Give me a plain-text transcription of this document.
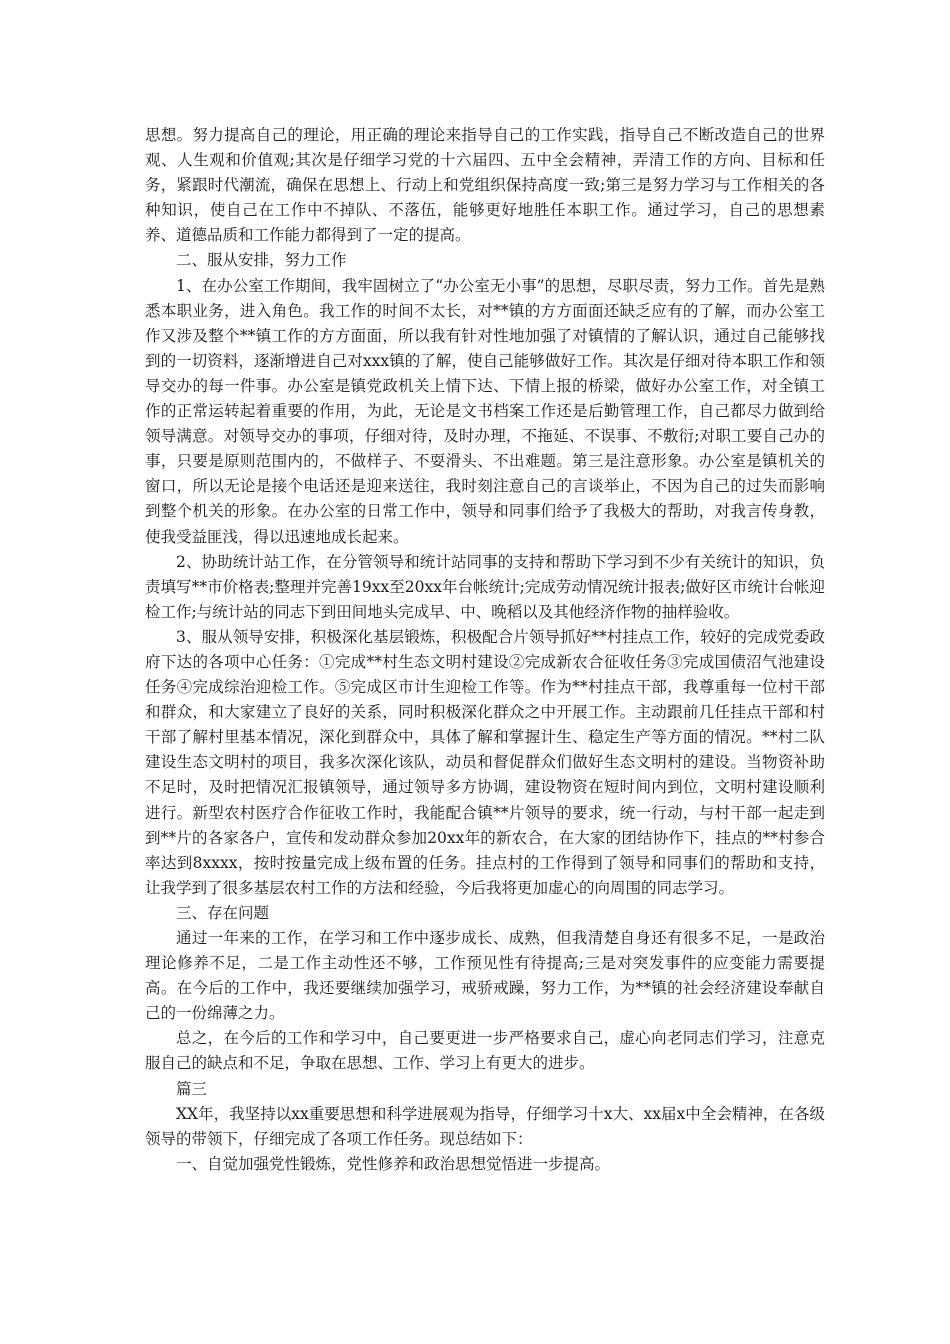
思想。努力提高自己的理论，用正确的理论来指导自己的工作实践，指导自己不断改造自己的世界观、人生观和价值观;其次是仔细学习党的十六届四、五中全会精神，弄清工作的方向、目标和任务，紧跟时代潮流，确保在思想上、行动上和党组织保持高度一致;第三是努力学习与工作相关的各种知识，使自己在工作中不掉队、不落伍，能够更好地胜任本职工作。通过学习，自己的思想素养、道德品质和工作能力都得到了一定的提高。

二、服从安排，努力工作

1、在办公室工作期间，我牢固树立了“办公室无小事”的思想，尽职尽责，努力工作。首先是熟悉本职业务，进入角色。我工作的时间不太长，对**镇的方方面面还缺乏应有的了解，而办公室工作又涉及整个**镇工作的方方面面，所以我有针对性地加强了对镇情的了解认识，通过自己能够找到的一切资料，逐渐增进自己对xxx镇的了解，使自己能够做好工作。其次是仔细对待本职工作和领导交办的每一件事。办公室是镇党政机关上情下达、下情上报的桥梁，做好办公室工作，对全镇工作的正常运转起着重要的作用，为此，无论是文书档案工作还是后勤管理工作，自己都尽力做到给领导满意。对领导交办的事项，仔细对待，及时办理，不拖延、不误事、不敷衍;对职工要自己办的事，只要是原则范围内的，不做样子、不耍滑头、不出难题。第三是注意形象。办公室是镇机关的窗口，所以无论是接个电话还是迎来送往，我时刻注意自己的言谈举止，不因为自己的过失而影响到整个机关的形象。在办公室的日常工作中，领导和同事们给予了我极大的帮助，对我言传身教，使我受益匪浅，得以迅速地成长起来。

2、协助统计站工作，在分管领导和统计站同事的支持和帮助下学习到不少有关统计的知识，负责填写**市价格表;整理并完善19xx至20xx年台帐统计;完成劳动情况统计报表;做好区市统计台帐迎检工作;与统计站的同志下到田间地头完成早、中、晚稻以及其他经济作物的抽样验收。

3、服从领导安排，积极深化基层锻炼，积极配合片领导抓好**村挂点工作，较好的完成党委政府下达的各项中心任务：①完成**村生态文明村建设②完成新农合征收任务③完成国债沼气池建设任务④完成综治迎检工作。⑤完成区市计生迎检工作等。作为**村挂点干部，我尊重每一位村干部和群众，和大家建立了良好的关系，同时积极深化群众之中开展工作。主动跟前几任挂点干部和村干部了解村里基本情况，深化到群众中，具体了解和掌握计生、稳定生产等方面的情况。**村二队建设生态文明村的项目，我多次深化该队，动员和督促群众们做好生态文明村的建设。当物资补助不足时，及时把情况汇报镇领导，通过领导多方协调，建设物资在短时间内到位，文明村建设顺利进行。新型农村医疗合作征收工作时，我能配合镇**片领导的要求，统一行动，与村干部一起走到到**片的各家各户，宣传和发动群众参加20xx年的新农合，在大家的团结协作下，挂点的**村参合率达到8xxxx，按时按量完成上级布置的任务。挂点村的工作得到了领导和同事们的帮助和支持，让我学到了很多基层农村工作的方法和经验，今后我将更加虚心的向周围的同志学习。

三、存在问题

通过一年来的工作，在学习和工作中逐步成长、成熟，但我清楚自身还有很多不足，一是政治理论修养不足，二是工作主动性还不够，工作预见性有待提高;三是对突发事件的应变能力需要提高。在今后的工作中，我还要继续加强学习，戒骄戒躁，努力工作，为**镇的社会经济建设奉献自己的一份绵薄之力。

总之，在今后的工作和学习中，自己要更进一步严格要求自己，虚心向老同志们学习，注意克服自己的缺点和不足，争取在思想、工作、学习上有更大的进步。

篇三

XX年，我坚持以xx重要思想和科学进展观为指导，仔细学习十x大、xx届x中全会精神，在各级领导的带领下，仔细完成了各项工作任务。现总结如下：

一、自觉加强党性锻炼，党性修养和政治思想觉悟进一步提高。
